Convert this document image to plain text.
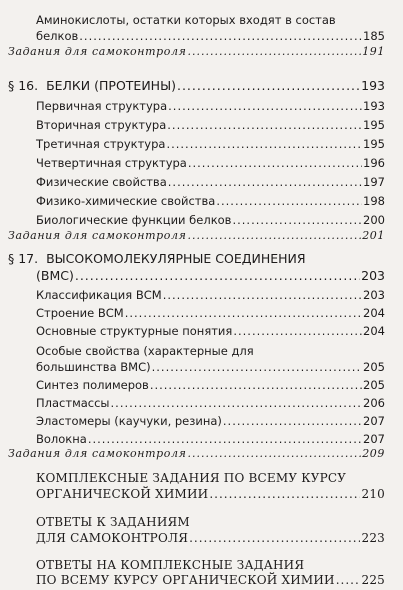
Аминокислоты, остатки которых входят в состав
белков .....	185
Задания для самоконтроля .....	191
§ 16. БЕЛКИ (ПРОТЕИНЫ) .....	193
Первичная структура .....	193
Вторичная структура .....	195
Третичная структура .....	195
Четвертичная структура .....	196
Физические свойства .....	197
Физико-химические свойства .....	198
Биологические функции белков .....	200
Задания для самоконтроля .....	201
§ 17. ВЫСОКОМОЛЕКУЛЯРНЫЕ СОЕДИНЕНИЯ
(ВМС) .....	203
Классификация ВСМ .....	203
Строение ВСМ .....	204
Основные структурные понятия .....	204
Особые свойства (характерные для
большинства ВМС) .....	205
Синтез полимеров .....	205
Пластмассы .....	206
Эластомеры (каучуки, резина) .....	207
Волокна .....	207
Задания для самоконтроля .....	209
КОМПЛЕКСНЫЕ ЗАДАНИЯ ПО ВСЕМУ КУРСУ
ОРГАНИЧЕСКОЙ ХИМИИ .....	210
ОТВЕТЫ К ЗАДАНИЯМ
ДЛЯ САМОКОНТРОЛЯ .....	223
ОТВЕТЫ НА КОМПЛЕКСНЫЕ ЗАДАНИЯ
ПО ВСЕМУ КУРСУ ОРГАНИЧЕСКОЙ ХИМИИ ..... 225
